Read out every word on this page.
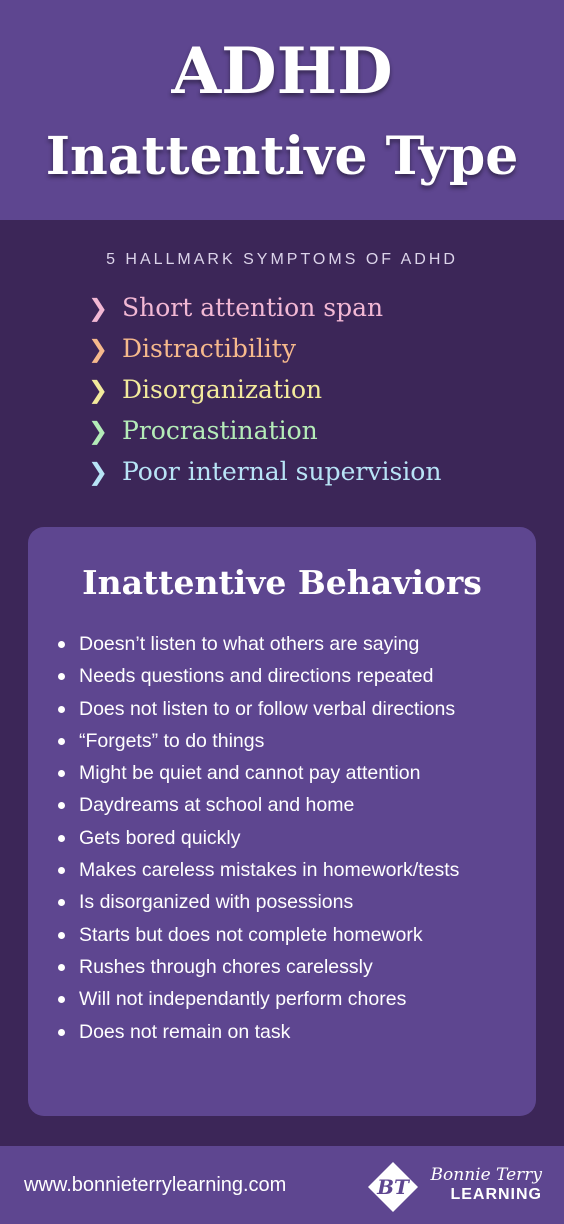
ADHD
Inattentive Type
5 HALLMARK SYMPTOMS OF ADHD
❯ Short attention span
❯ Distractibility
❯ Disorganization
❯ Procrastination
❯ Poor internal supervision
Inattentive Behaviors
Doesn’t listen to what others are saying
Needs questions and directions repeated
Does not listen to or follow verbal directions
“Forgets” to do things
Might be quiet and cannot pay attention
Daydreams at school and home
Gets bored quickly
Makes careless mistakes in homework/tests
Is disorganized with posessions
Starts but does not complete homework
Rushes through chores carelessly
Will not independantly perform chores
Does not remain on task
www.bonnieterrylearning.com	BT Bonnie Terry
LEARNING
